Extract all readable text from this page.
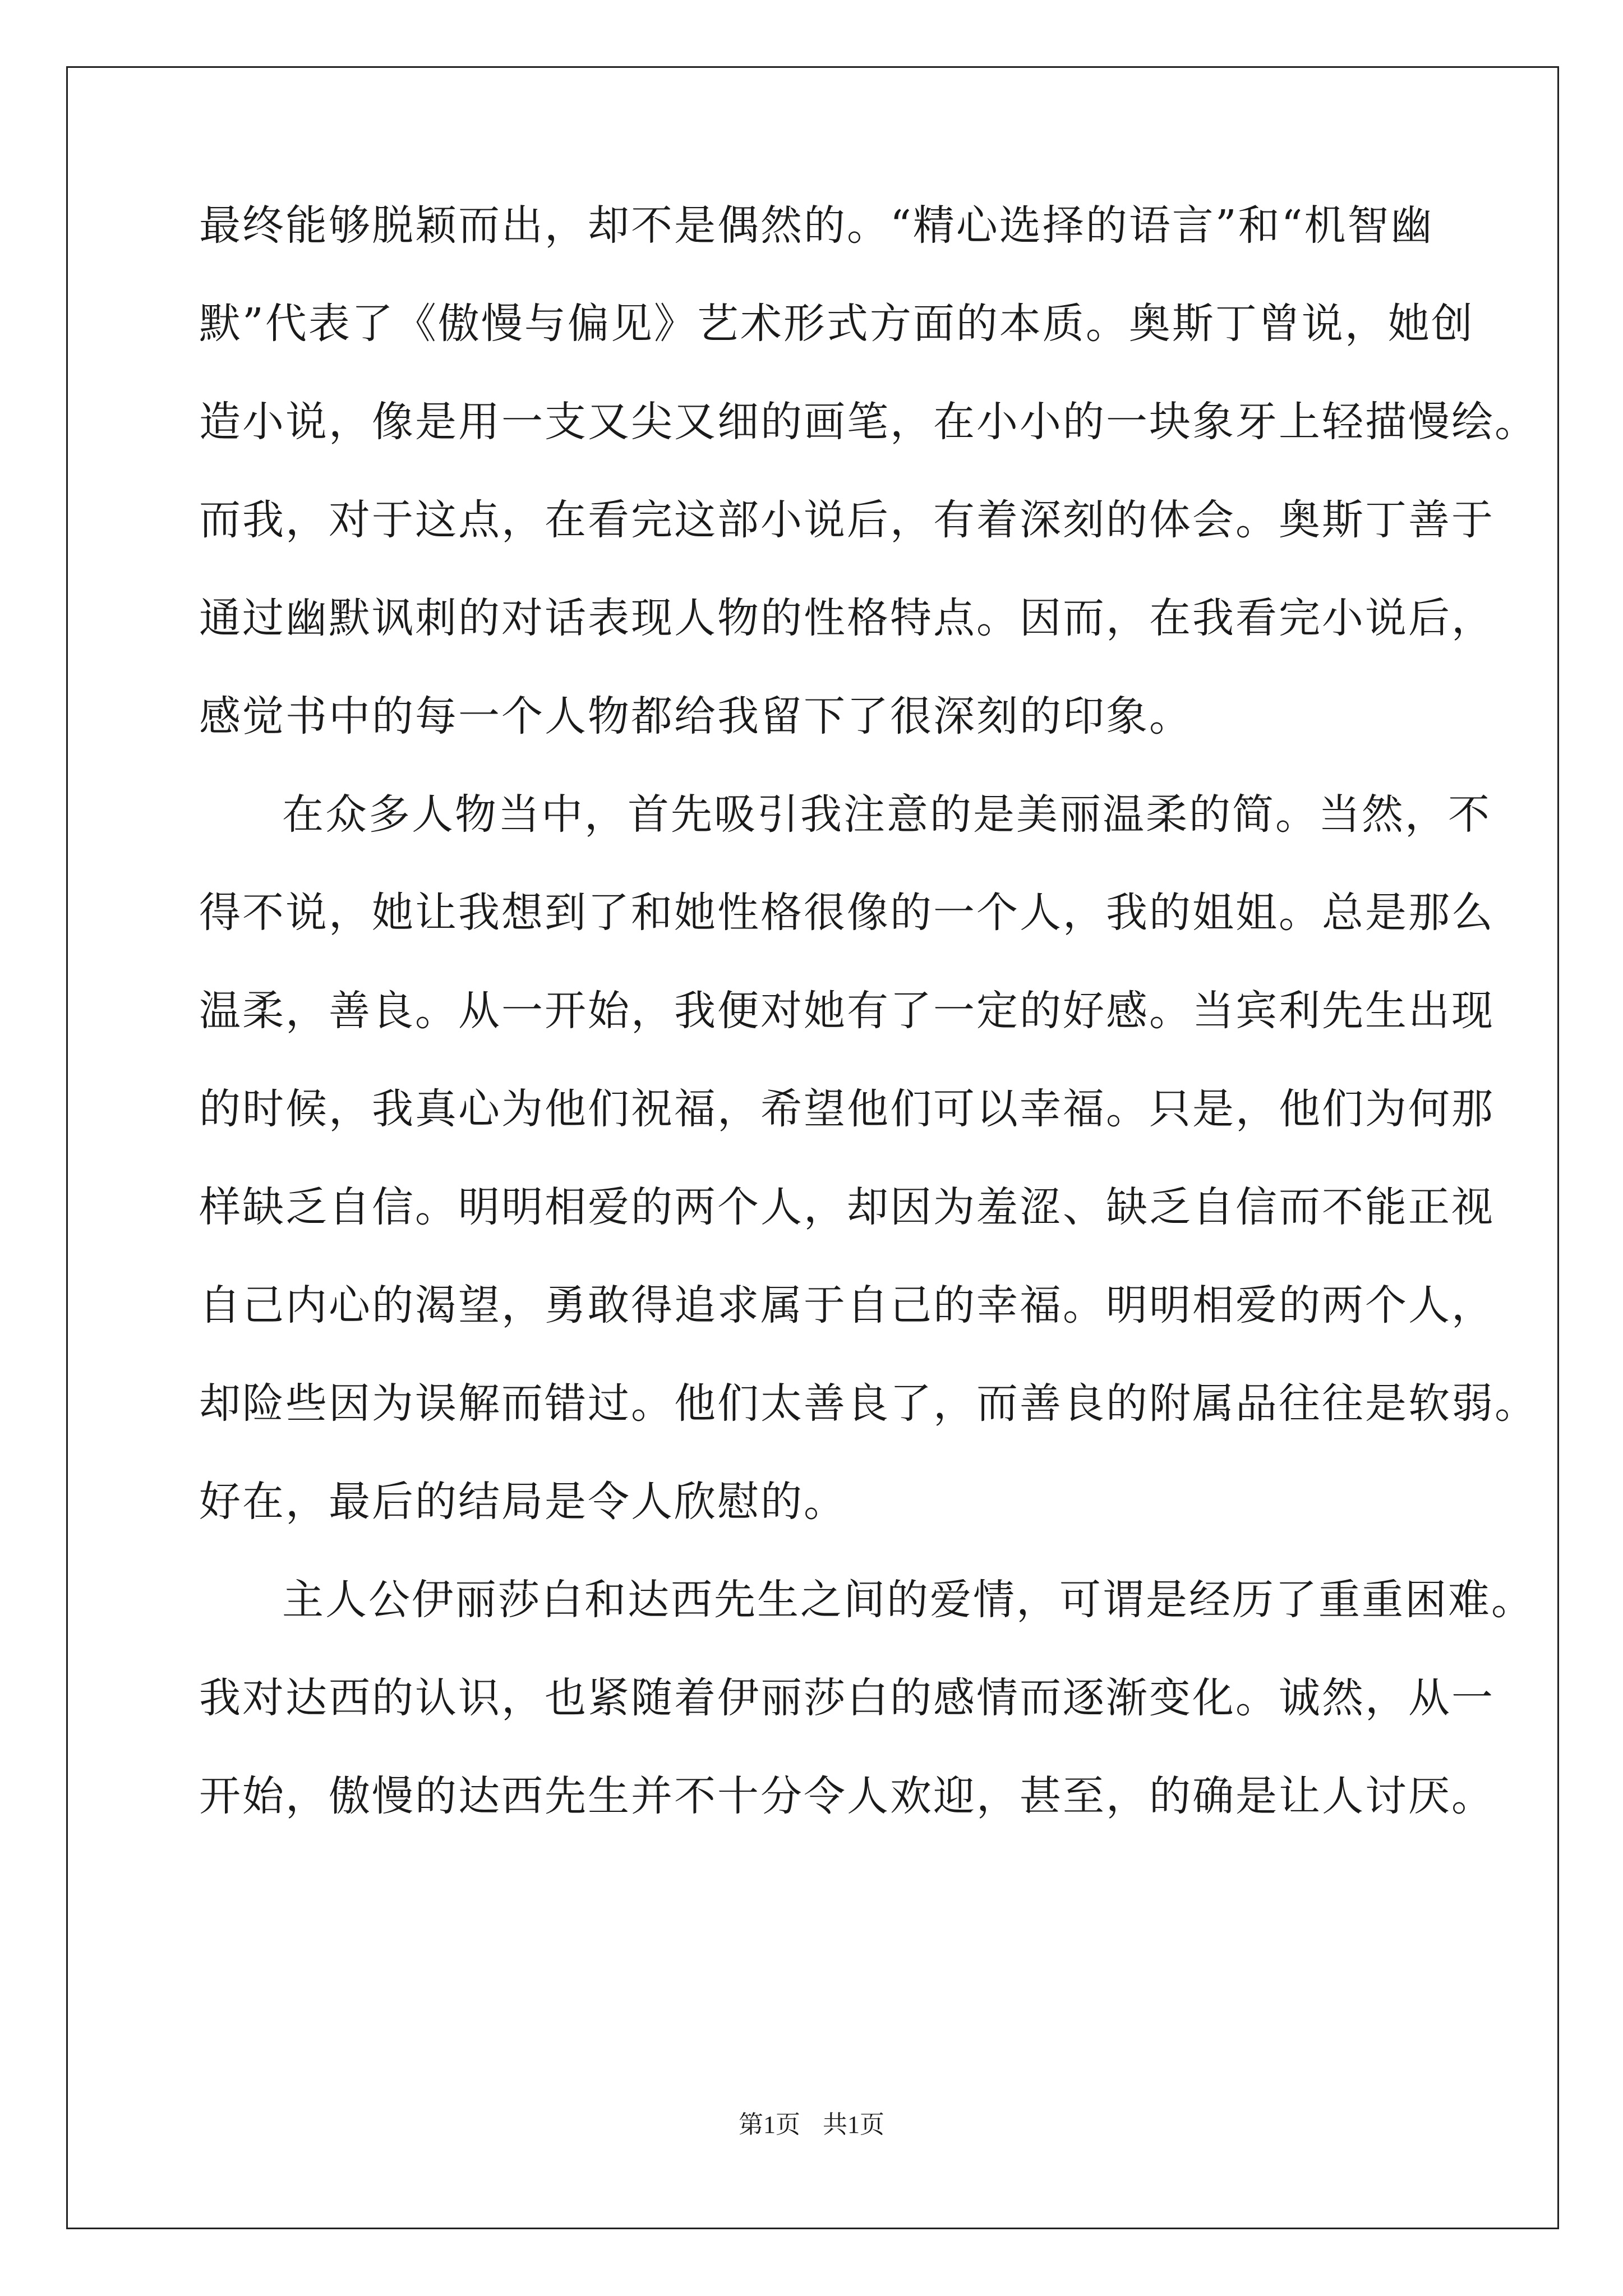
最终能够脱颖而出，却不是偶然的。“精心选择的语言”和“机智幽
默”代表了《傲慢与偏见》艺术形式方面的本质。奥斯丁曾说，她创
造小说，像是用一支又尖又细的画笔，在小小的一块象牙上轻描慢绘。
而我，对于这点，在看完这部小说后，有着深刻的体会。奥斯丁善于
通过幽默讽刺的对话表现人物的性格特点。因而，在我看完小说后，
感觉书中的每一个人物都给我留下了很深刻的印象。
在众多人物当中，首先吸引我注意的是美丽温柔的简。当然，不
得不说，她让我想到了和她性格很像的一个人，我的姐姐。总是那么
温柔，善良。从一开始，我便对她有了一定的好感。当宾利先生出现
的时候，我真心为他们祝福，希望他们可以幸福。只是，他们为何那
样缺乏自信。明明相爱的两个人，却因为羞涩、缺乏自信而不能正视
自己内心的渴望，勇敢得追求属于自己的幸福。明明相爱的两个人，
却险些因为误解而错过。他们太善良了，而善良的附属品往往是软弱。
好在，最后的结局是令人欣慰的。
主人公伊丽莎白和达西先生之间的爱情，可谓是经历了重重困难。
我对达西的认识，也紧随着伊丽莎白的感情而逐渐变化。诚然，从一
开始，傲慢的达西先生并不十分令人欢迎，甚至，的确是让人讨厌。
第1页 共1页
